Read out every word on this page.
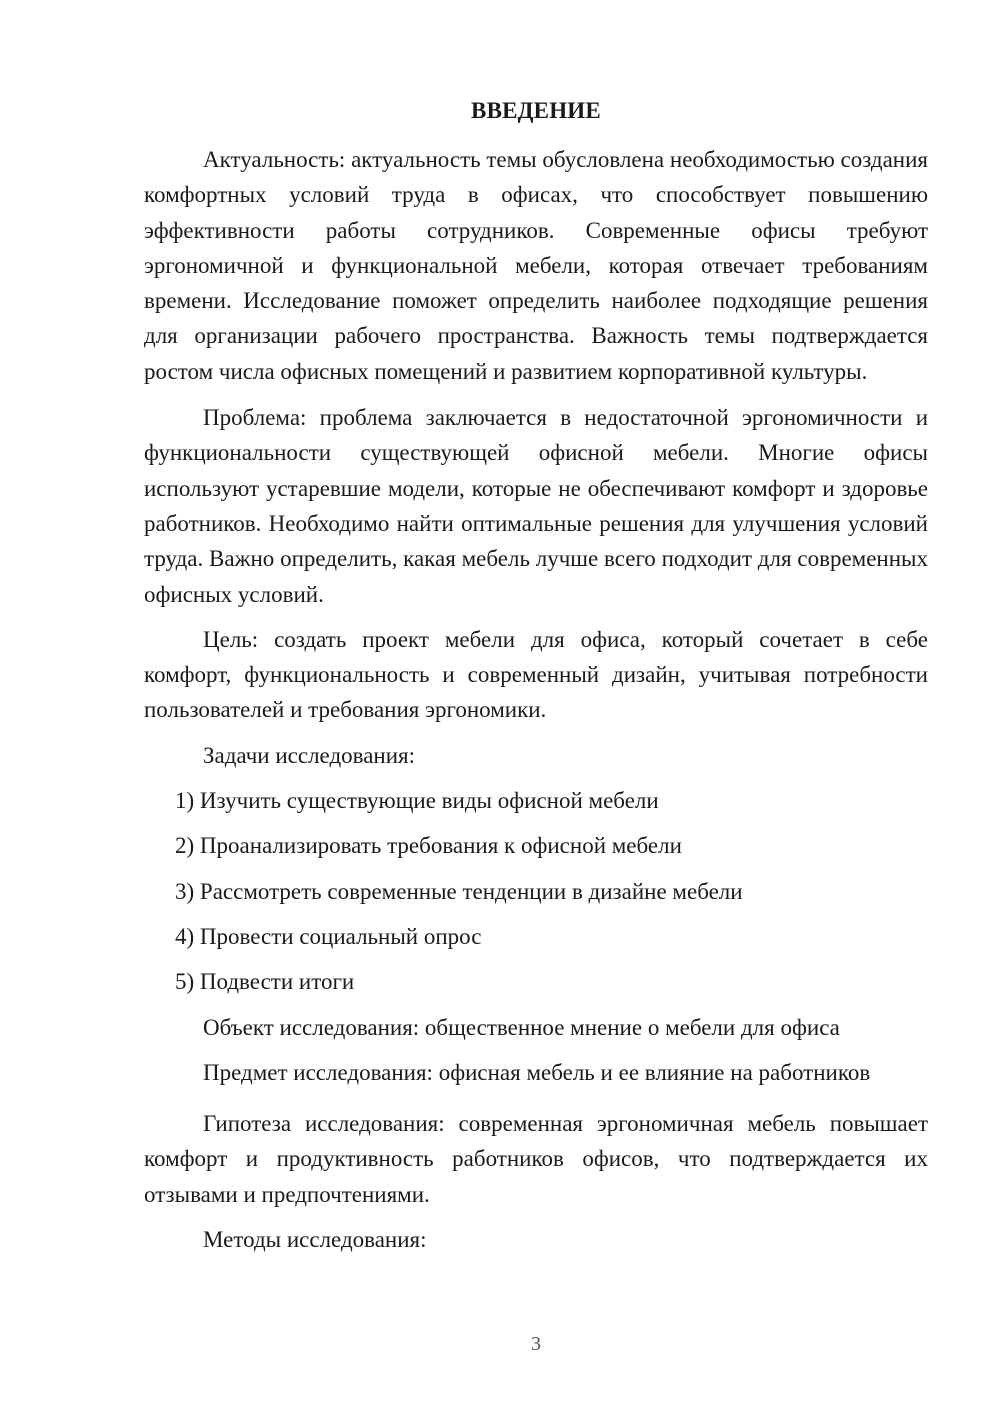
ВВЕДЕНИЕ

Актуальность: актуальность темы обусловлена необходимостью создания комфортных условий труда в офисах, что способствует повышению эффективности работы сотрудников. Современные офисы требуют эргономичной и функциональной мебели, которая отвечает требованиям времени. Исследование поможет определить наиболее подходящие решения для организации рабочего пространства. Важность темы подтверждается ростом числа офисных помещений и развитием корпоративной культуры.

Проблема: проблема заключается в недостаточной эргономичности и функциональности существующей офисной мебели. Многие офисы используют устаревшие модели, которые не обеспечивают комфорт и здоровье работников. Необходимо найти оптимальные решения для улучшения условий труда. Важно определить, какая мебель лучше всего подходит для современных офисных условий.

Цель: создать проект мебели для офиса, который сочетает в себе комфорт, функциональность и современный дизайн, учитывая потребности пользователей и требования эргономики.

Задачи исследования:

1) Изучить существующие виды офисной мебели

2) Проанализировать требования к офисной мебели

3) Рассмотреть современные тенденции в дизайне мебели

4) Провести социальный опрос

5) Подвести итоги

Объект исследования: общественное мнение о мебели для офиса

Предмет исследования: офисная мебель и ее влияние на работников

Гипотеза исследования: современная эргономичная мебель повышает комфорт и продуктивность работников офисов, что подтверждается их отзывами и предпочтениями.

Методы исследования:

3
